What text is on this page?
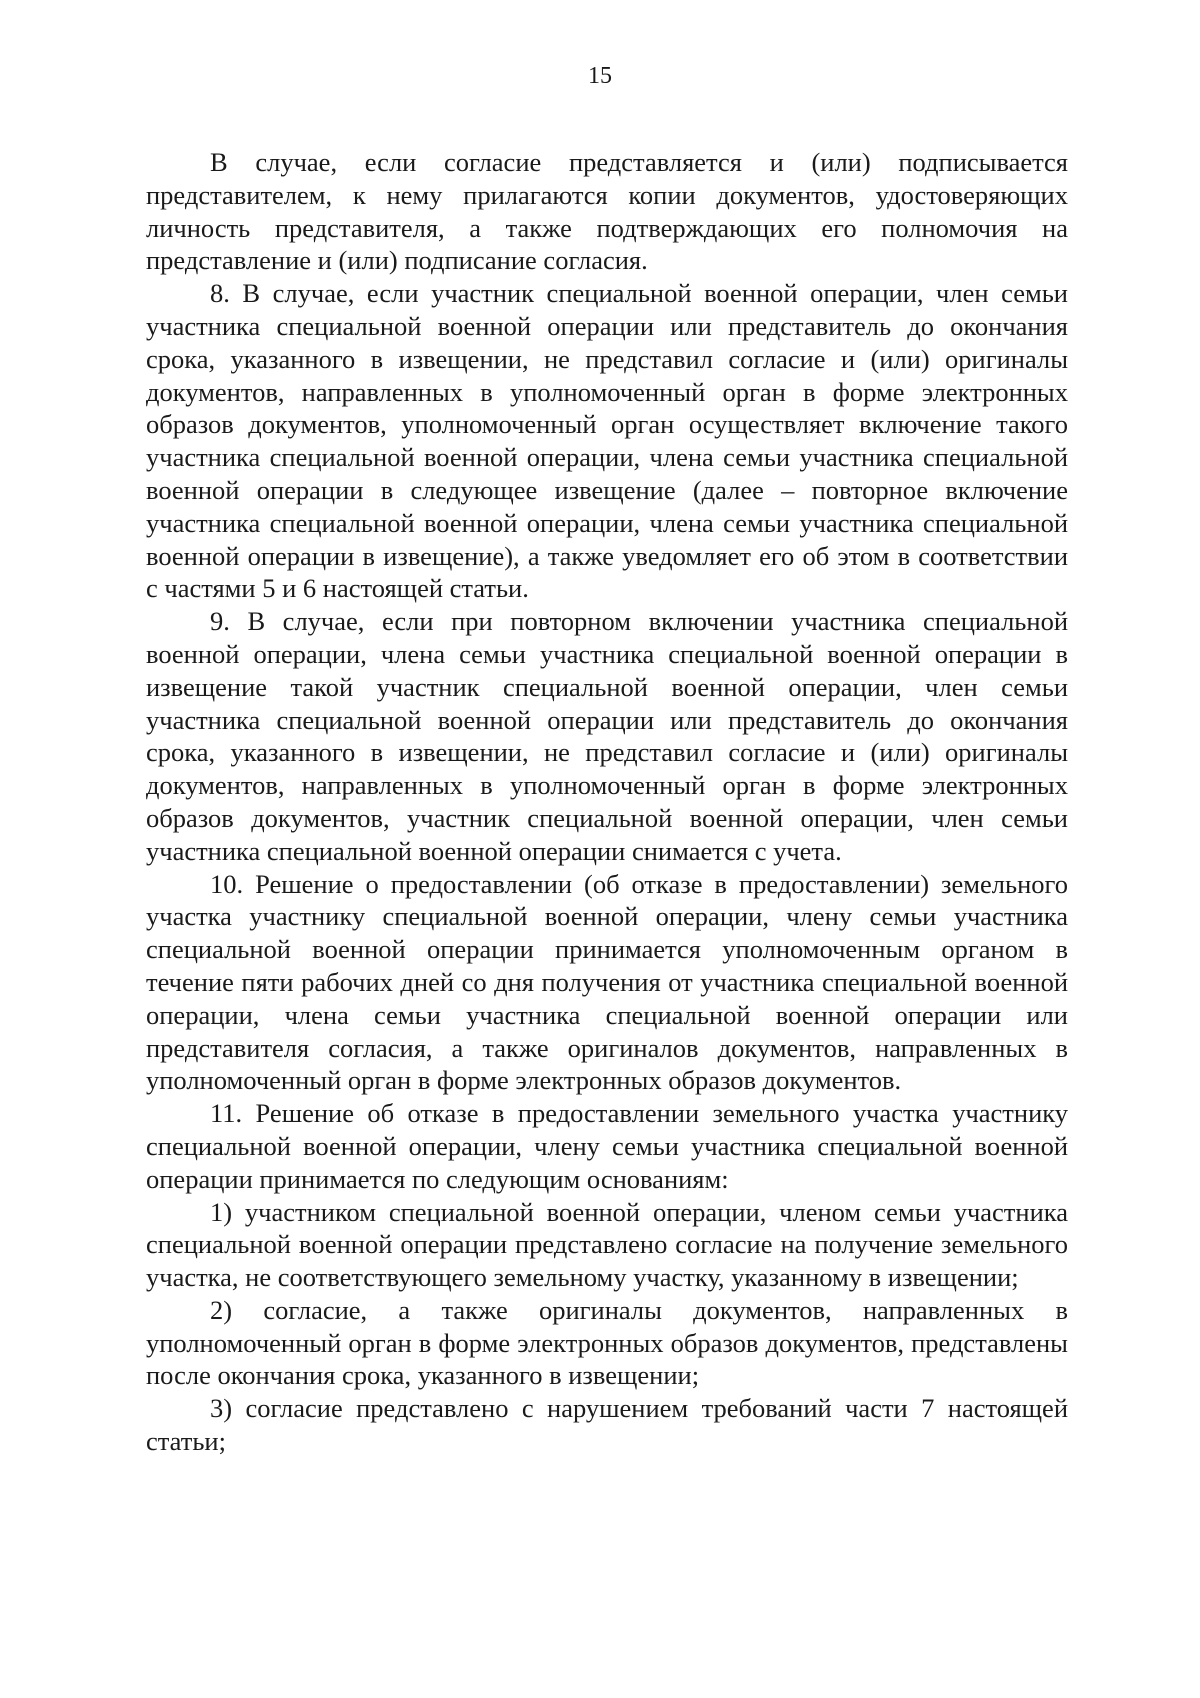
15

В случае, если согласие представляется и (или) подписывается представителем, к нему прилагаются копии документов, удостоверяющих личность представителя, а также подтверждающих его полномочия на представление и (или) подписание согласия.

8. В случае, если участник специальной военной операции, член семьи участника специальной военной операции или представитель до окончания срока, указанного в извещении, не представил согласие и (или) оригиналы документов, направленных в уполномоченный орган в форме электронных образов документов, уполномоченный орган осуществляет включение такого участника специальной военной операции, члена семьи участника специальной военной операции в следующее извещение (далее – повторное включение участника специальной военной операции, члена семьи участника специальной военной операции в извещение), а также уведомляет его об этом в соответствии с частями 5 и 6 настоящей статьи.

9. В случае, если при повторном включении участника специальной военной операции, члена семьи участника специальной военной операции в извещение такой участник специальной военной операции, член семьи участника специальной военной операции или представитель до окончания срока, указанного в извещении, не представил согласие и (или) оригиналы документов, направленных в уполномоченный орган в форме электронных образов документов, участник специальной военной операции, член семьи участника специальной военной операции снимается с учета.

10. Решение о предоставлении (об отказе в предоставлении) земельного участка участнику специальной военной операции, члену семьи участника специальной военной операции принимается уполномоченным органом в течение пяти рабочих дней со дня получения от участника специальной военной операции, члена семьи участника специальной военной операции или представителя согласия, а также оригиналов документов, направленных в уполномоченный орган в форме электронных образов документов.

11. Решение об отказе в предоставлении земельного участка участнику специальной военной операции, члену семьи участника специальной военной операции принимается по следующим основаниям:

1) участником специальной военной операции, членом семьи участника специальной военной операции представлено согласие на получение земельного участка, не соответствующего земельному участку, указанному в извещении;

2) согласие, а также оригиналы документов, направленных в уполномоченный орган в форме электронных образов документов, представлены после окончания срока, указанного в извещении;

3) согласие представлено с нарушением требований части 7 настоящей статьи;
